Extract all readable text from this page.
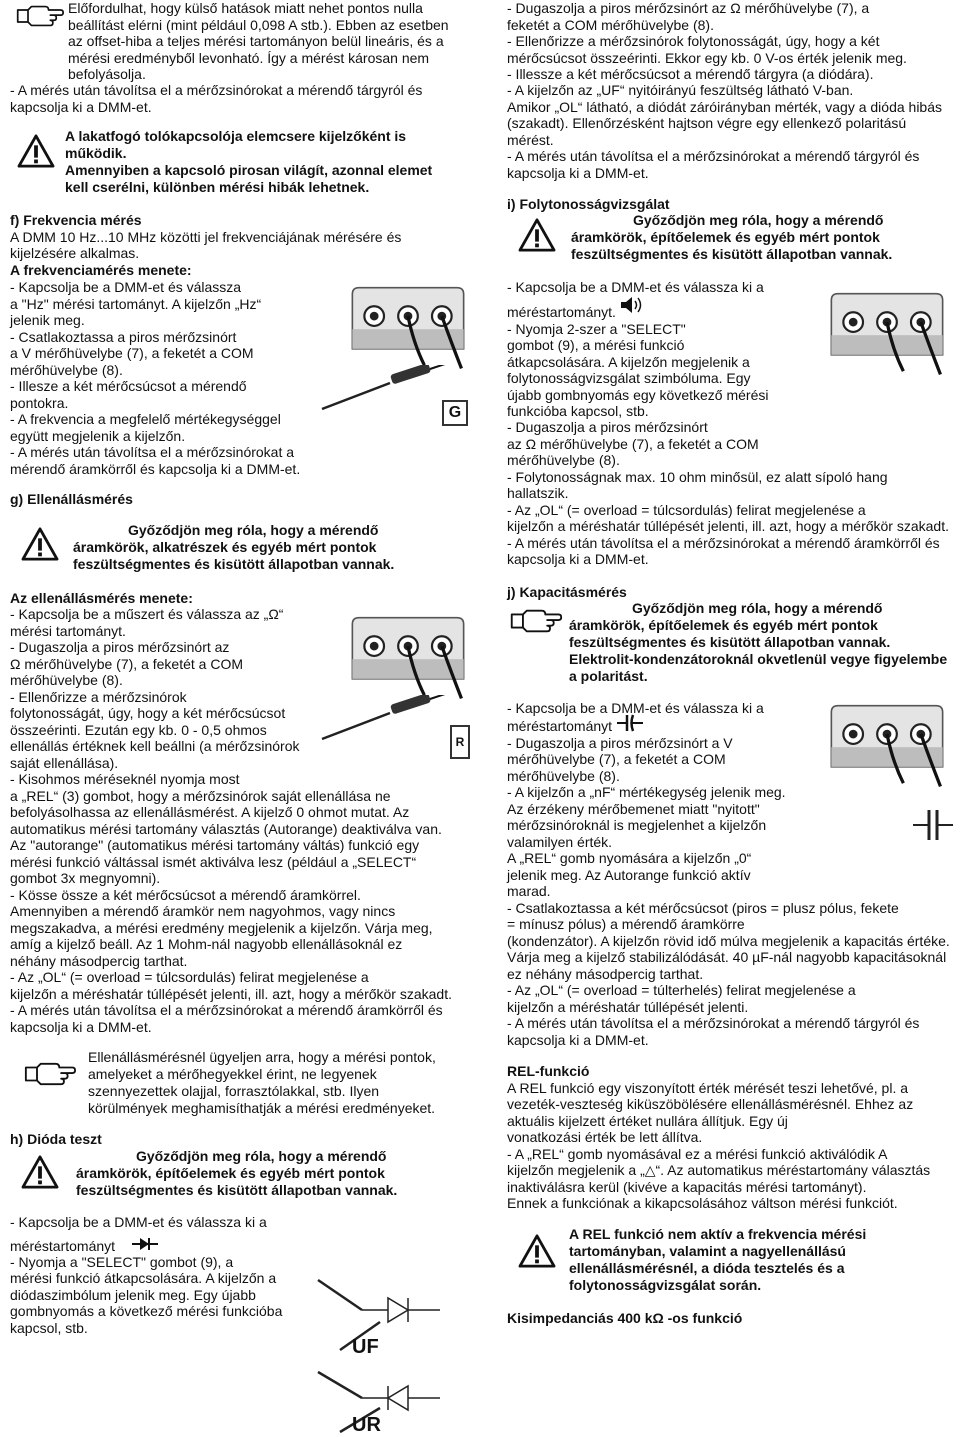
Előfordulhat, hogy külső hatások miatt nehet pontos nulla
beállítást elérni (mint például 0,098 A stb.). Ebben az esetben
az offset-hiba a teljes mérési tartományon belül lineáris, és a
mérési eredményből levonható. Így a mérést károsan nem
befolyásolja.
- A mérés után távolítsa el a mérőzsinórokat a mérendő tárgyról és
kapcsolja ki a DMM-et.
A lakatfogó tolókapcsolója elemcsere kijelzőként is
működik.
Amennyiben a kapcsoló pirosan világít, azonnal elemet
kell cserélni, különben mérési hibák lehetnek.
f) Frekvencia mérés
A DMM 10 Hz...10 MHz közötti jel frekvenciájának mérésére és
kijelzésére alkalmas.
A frekvenciamérés menete:
- Kapcsolja be a DMM-et és válassza
a "Hz" mérési tartományt. A kijelzőn „Hz“
jelenik meg.
- Csatlakoztassa a piros mérőzsinórt
a V mérőhüvelybe (7), a feketét a COM
mérőhüvelybe (8).
- Illesze a két mérőcsúcsot a mérendő
pontokra.
- A frekvencia a megfelelő mértékegységgel
együtt megjelenik a kijelzőn.
- A mérés után távolítsa el a mérőzsinórokat a
mérendő áramkörről és kapcsolja ki a DMM-et.
G
g) Ellenállásmérés
Győződjön meg róla, hogy a mérendő
áramkörök, alkatrészek és egyéb mért pontok
feszültségmentes és kisütött állapotban vannak.
Az ellenállásmérés menete:
- Kapcsolja be a műszert és válassza az „Ω“
mérési tartományt.
- Dugaszolja a piros mérőzsinórt az
Ω mérőhüvelybe (7), a feketét a COM
mérőhüvelybe (8).
- Ellenőrizze a mérőzsinórok
folytonosságát, úgy, hogy a két mérőcsúcsot
összeérinti. Ezután egy kb. 0 - 0,5 ohmos
ellenállás értéknek kell beállni (a mérőzsinórok
saját ellenállása).
- Kisohmos méréseknél nyomja most
a „REL“ (3) gombot, hogy a mérőzsinórok saját ellenállása ne
befolyásolhassa az ellenállásmérést. A kijelző 0 ohmot mutat. Az
automatikus mérési tartomány választás (Autorange) deaktiválva van.
Az "autorange" (automatikus mérési tartomány váltás) funkció egy
mérési funkció váltással ismét aktiválva lesz (például a „SELECT“
gombot 3x megnyomni).
- Kösse össze a két mérőcsúcsot a mérendő áramkörrel.
Amennyiben a mérendő áramkör nem nagyohmos, vagy nincs
megszakadva, a mérési eredmény megjelenik a kijelzőn. Várja meg,
amíg a kijelző beáll. Az 1 Mohm-nál nagyobb ellenállásoknál ez
néhány másodpercig tarthat.
- Az „OL“ (= overload = túlcsordulás) felirat megjelenése a
kijelzőn a méréshatár túllépését jelenti, ill. azt, hogy a mérőkör szakadt.
- A mérés után távolítsa el a mérőzsinórokat a mérendő áramkörről és
kapcsolja ki a DMM-et.
R
Ellenállásmérésnél ügyeljen arra, hogy a mérési pontok,
amelyeket a mérőhegyekkel érint, ne legyenek
szennyezettek olajjal, forrasztólakkal, stb. Ilyen
körülmények meghamisíthatják a mérési eredményeket.
h) Dióda teszt
Győződjön meg róla, hogy a mérendő
áramkörök, építőelemek és egyéb mért pontok
feszültségmentes és kisütött állapotban vannak.
- Kapcsolja be a DMM-et és válassza ki a
méréstartományt
- Nyomja a "SELECT" gombot (9), a
mérési funkció átkapcsolására. A kijelzőn a
diódaszimbólum jelenik meg. Egy újabb
gombnyomás a következő mérési funkcióba
kapcsol, stb.
UF
UR
- Dugaszolja a piros mérőzsinórt az Ω mérőhüvelybe (7), a
feketét a COM mérőhüvelybe (8).
- Ellenőrizze a mérőzsinórok folytonosságát, úgy, hogy a két
mérőcsúcsot összeérinti. Ekkor egy kb. 0 V-os érték jelenik meg.
- Illessze a két mérőcsúcsot a mérendő tárgyra (a diódára).
- A kijelzőn az „UF“ nyitóirányú feszültség látható V-ban.
Amikor „OL“ látható, a diódát záróirányban mérték, vagy a dióda hibás
(szakadt). Ellenőrzésként hajtson végre egy ellenkező polaritású
mérést.
- A mérés után távolítsa el a mérőzsinórokat a mérendő tárgyról és
kapcsolja ki a DMM-et.
i) Folytonosságvizsgálat
Győződjön meg róla, hogy a mérendő
áramkörök, építőelemek és egyéb mért pontok
feszültségmentes és kisütött állapotban vannak.
- Kapcsolja be a DMM-et és válassza ki a
méréstartományt.
- Nyomja 2-szer a "SELECT"
gombot (9), a mérési funkció
átkapcsolására. A kijelzőn megjelenik a
folytonosságvizsgálat szimbóluma. Egy
újabb gombnyomás egy következő mérési
funkcióba kapcsol, stb.
- Dugaszolja a piros mérőzsinórt
az Ω mérőhüvelybe (7), a feketét a COM
mérőhüvelybe (8).
- Folytonosságnak max. 10 ohm minősül, ez alatt sípoló hang
hallatszik.
- Az „OL“ (= overload = túlcsordulás) felirat megjelenése a
kijelzőn a méréshatár túllépését jelenti, ill. azt, hogy a mérőkör szakadt.
- A mérés után távolítsa el a mérőzsinórokat a mérendő áramkörről és
kapcsolja ki a DMM-et.
j) Kapacitásmérés
Győződjön meg róla, hogy a mérendő
áramkörök, építőelemek és egyéb mért pontok
feszültségmentes és kisütött állapotban vannak.
Elektrolit-kondenzátoroknál okvetlenül vegye figyelembe
a polaritást.
- Kapcsolja be a DMM-et és válassza ki a
méréstartományt
- Dugaszolja a piros mérőzsinórt a V
mérőhüvelybe (7), a feketét a COM
mérőhüvelybe (8).
- A kijelzőn a „nF“ mértékegység jelenik meg.
Az érzékeny mérőbemenet miatt "nyitott"
mérőzsinóroknál is megjelenhet a kijelzőn
valamilyen érték.
A „REL“ gomb nyomására a kijelzőn „0“
jelenik meg. Az Autorange funkció aktív
marad.
- Csatlakoztassa a két mérőcsúcsot (piros = plusz pólus, fekete
= mínusz pólus) a mérendő áramkörre
(kondenzátor). A kijelzőn rövid idő múlva megjelenik a kapacitás értéke.
Várja meg a kijelző stabilizálódását. 40 µF-nál nagyobb kapacitásoknál
ez néhány másodpercig tarthat.
- Az „OL“ (= overload = túlterhelés) felirat megjelenése a
kijelzőn a méréshatár túllépését jelenti.
- A mérés után távolítsa el a mérőzsinórokat a mérendő tárgyról és
kapcsolja ki a DMM-et.
REL-funkció
A REL funkció egy viszonyított érték mérését teszi lehetővé, pl. a
vezeték-veszteség kiküszöbölésére ellenállásmérésnél. Ehhez az
aktuális kijelzett értéket nullára állítjuk. Egy új
vonatkozási érték be lett állítva.
- A „REL“ gomb nyomásával ez a mérési funkció aktiválódik A
kijelzőn megjelenik a „△“. Az automatikus méréstartomány választás
inaktiválásra kerül (kivéve a kapacitás mérési tartományt).
Ennek a funkciónak a kikapcsolásához váltson mérési funkciót.
A REL funkció nem aktív a frekvencia mérési
tartományban, valamint a nagyellenállású
ellenállásmérésnél, a dióda tesztelés és a
folytonosságvizsgálat során.
Kisimpedanciás 400 kΩ -os funkció
